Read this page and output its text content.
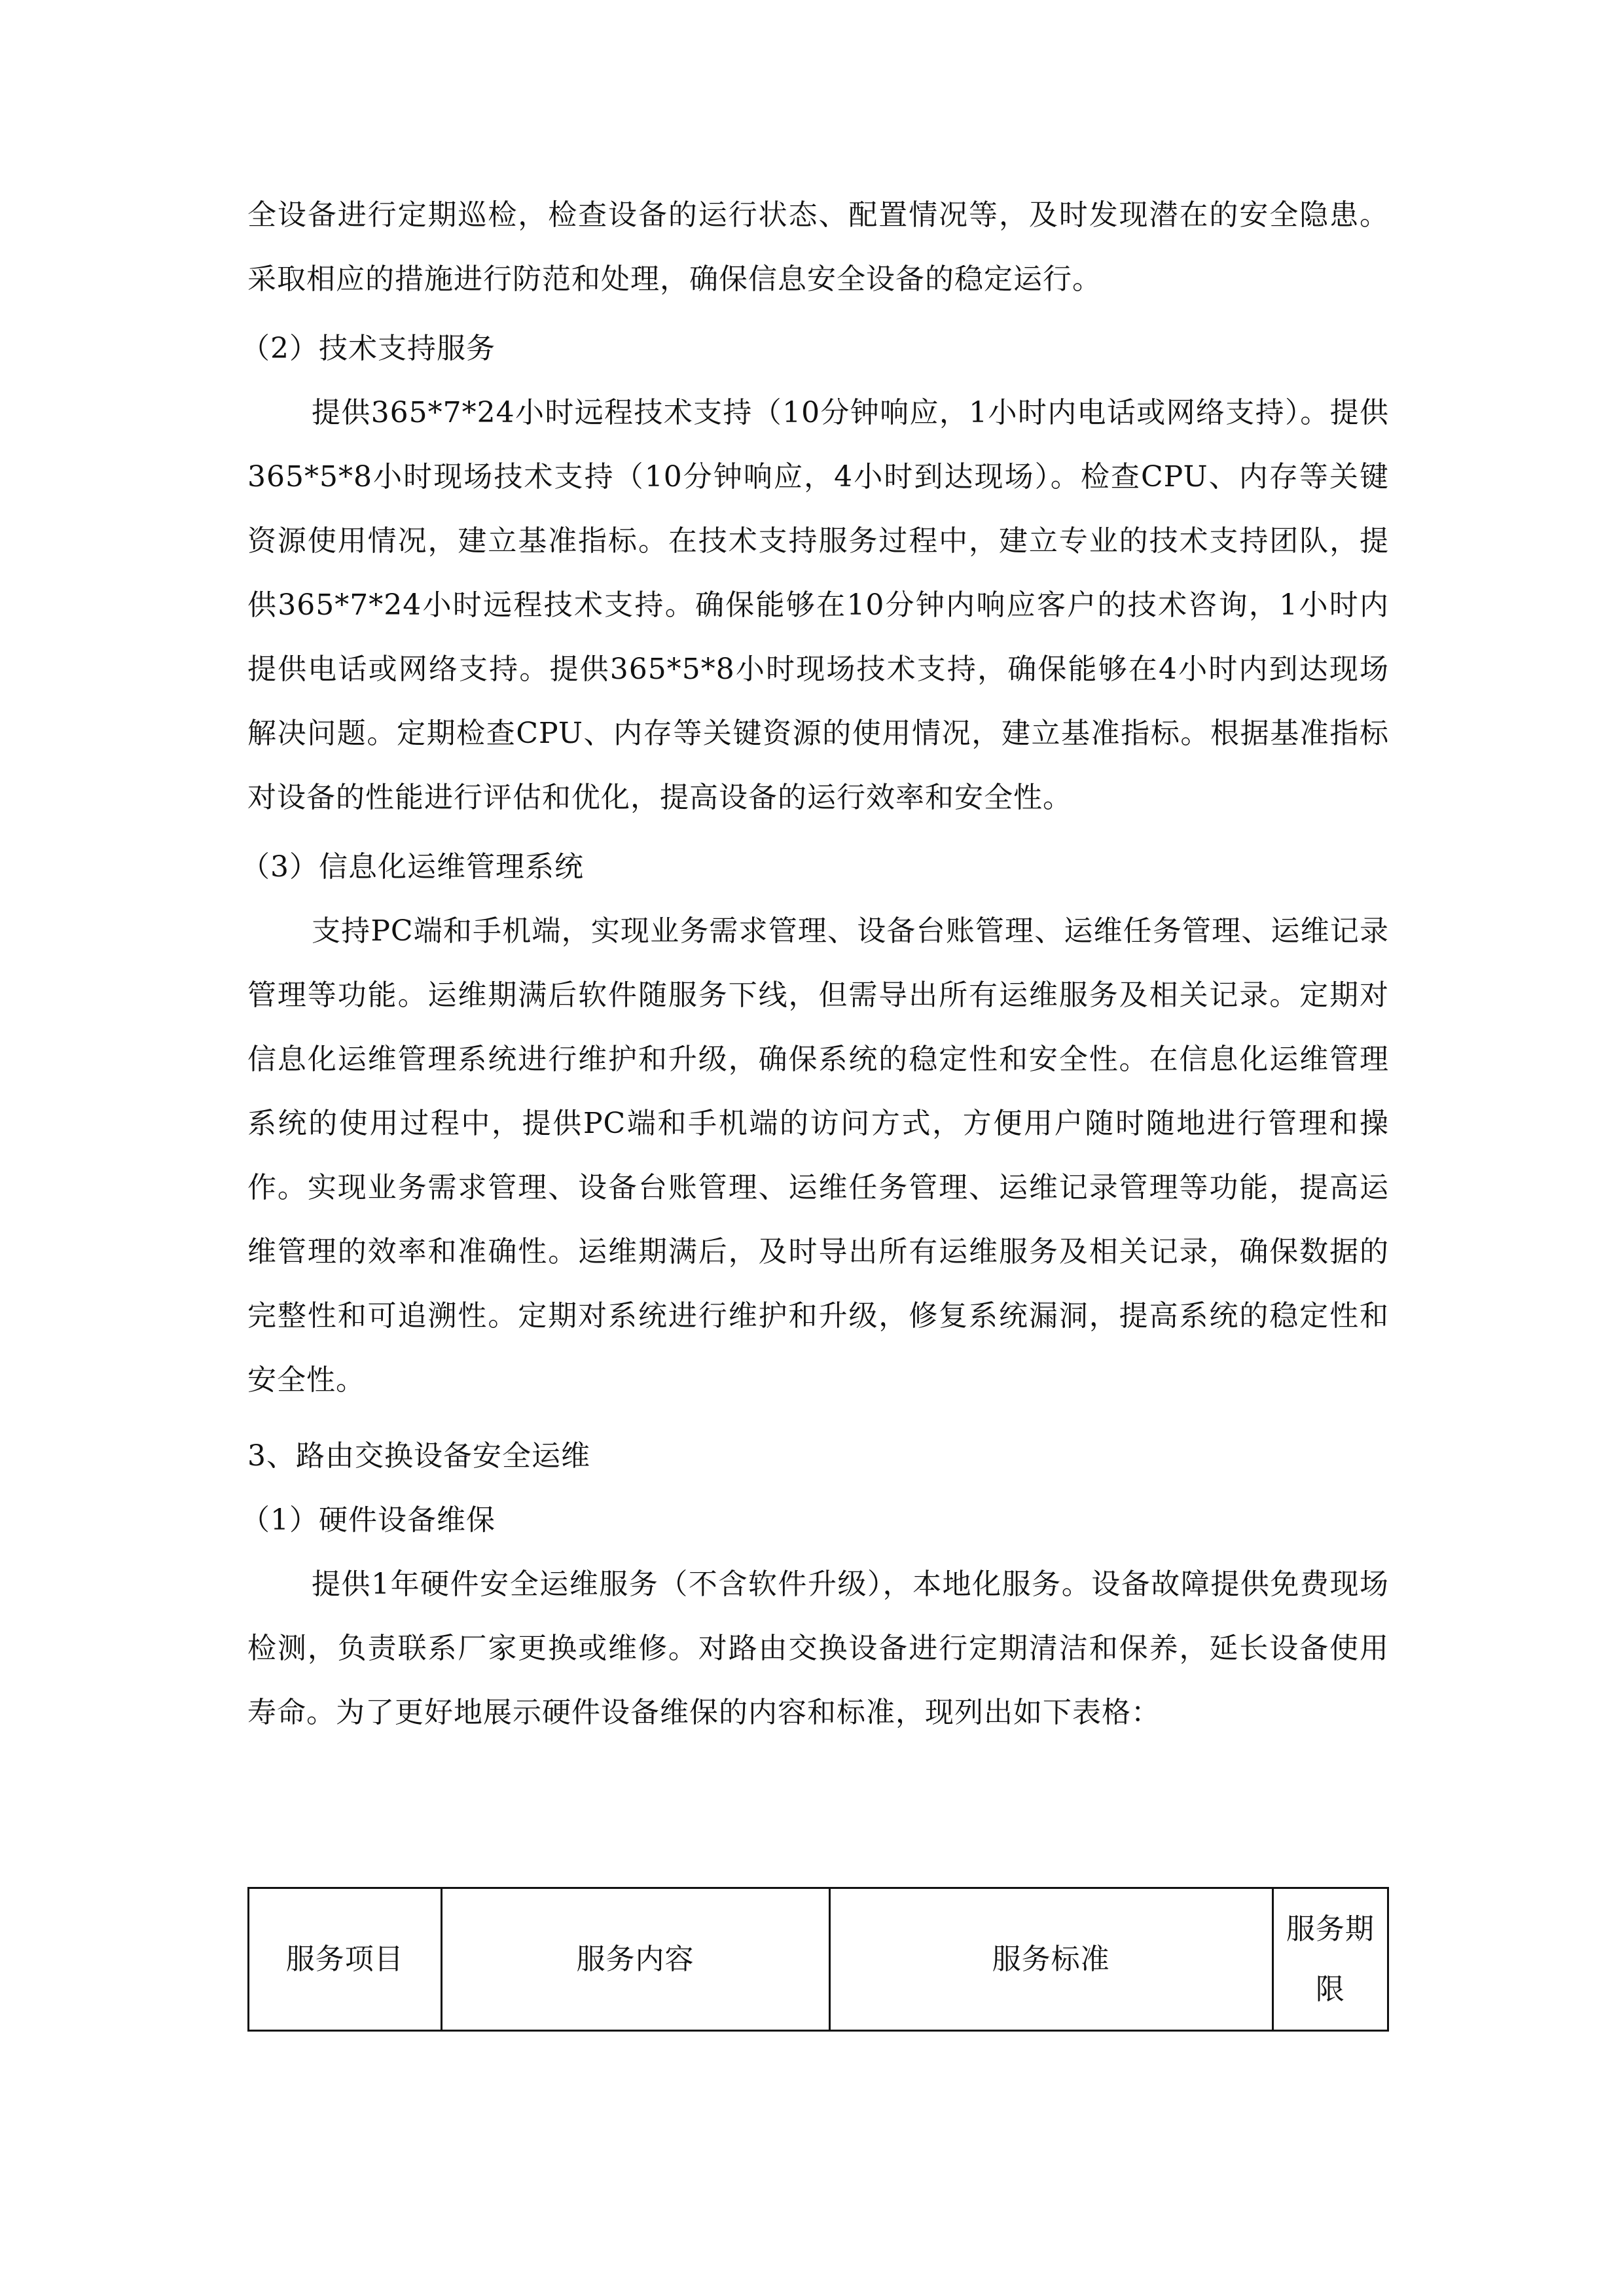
全设备进行定期巡检，检查设备的运行状态、配置情况等，及时发现潜在的安全隐患。采取相应的措施进行防范和处理，确保信息安全设备的稳定运行。

（2）技术支持服务

提供365*7*24小时远程技术支持（10分钟响应，1小时内电话或网络支持）。提供365*5*8小时现场技术支持（10分钟响应，4小时到达现场）。检查CPU、内存等关键资源使用情况，建立基准指标。在技术支持服务过程中，建立专业的技术支持团队，提供365*7*24小时远程技术支持。确保能够在10分钟内响应客户的技术咨询，1小时内提供电话或网络支持。提供365*5*8小时现场技术支持，确保能够在4小时内到达现场解决问题。定期检查CPU、内存等关键资源的使用情况，建立基准指标。根据基准指标对设备的性能进行评估和优化，提高设备的运行效率和安全性。

（3）信息化运维管理系统

支持PC端和手机端，实现业务需求管理、设备台账管理、运维任务管理、运维记录管理等功能。运维期满后软件随服务下线，但需导出所有运维服务及相关记录。定期对信息化运维管理系统进行维护和升级，确保系统的稳定性和安全性。在信息化运维管理系统的使用过程中，提供PC端和手机端的访问方式，方便用户随时随地进行管理和操作。实现业务需求管理、设备台账管理、运维任务管理、运维记录管理等功能，提高运维管理的效率和准确性。运维期满后，及时导出所有运维服务及相关记录，确保数据的完整性和可追溯性。定期对系统进行维护和升级，修复系统漏洞，提高系统的稳定性和安全性。

3、路由交换设备安全运维

（1）硬件设备维保

提供1年硬件安全运维服务（不含软件升级），本地化服务。设备故障提供免费现场检测，负责联系厂家更换或维修。对路由交换设备进行定期清洁和保养，延长设备使用寿命。为了更好地展示硬件设备维保的内容和标准，现列出如下表格：

服务项目	服务内容	服务标准	服务期限
